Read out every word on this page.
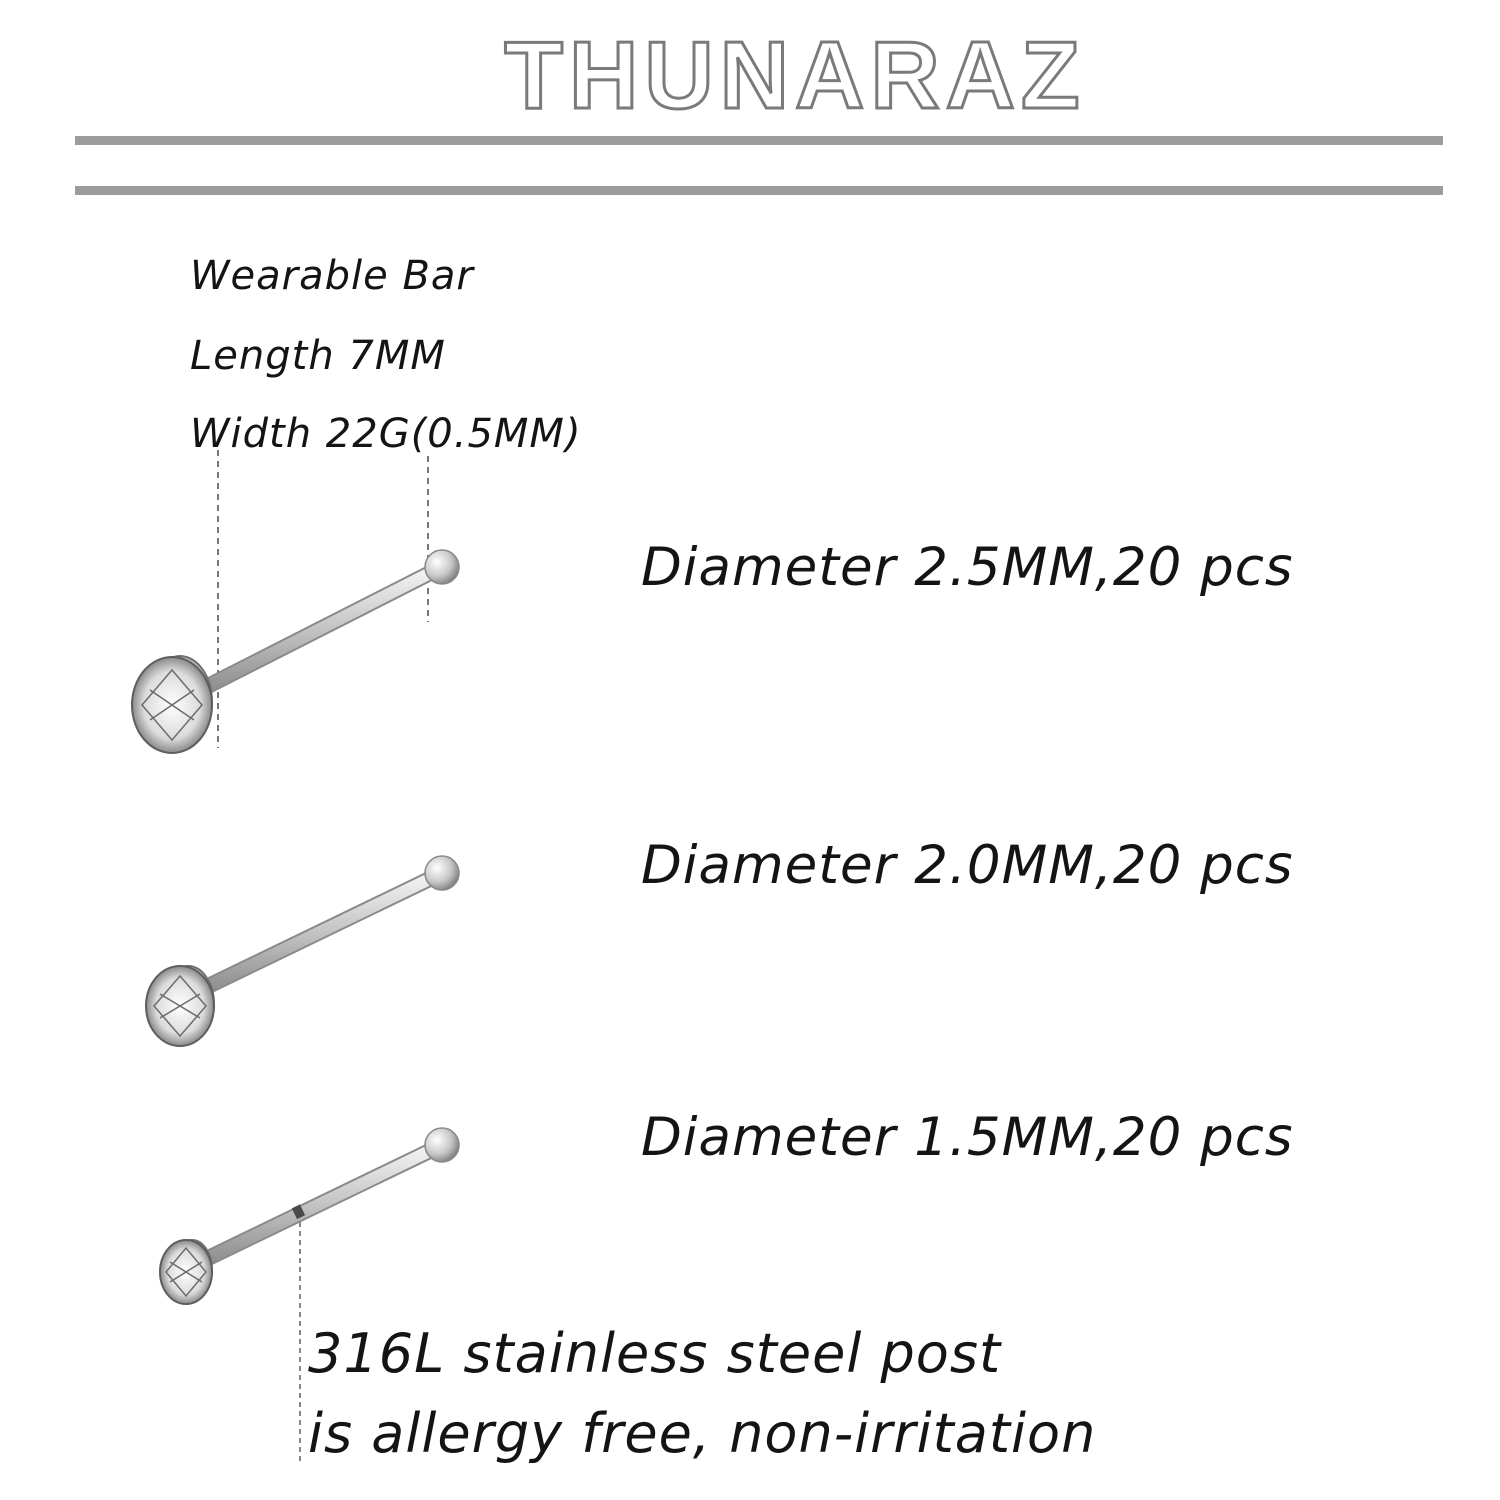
THUNARAZ

Wearable Bar

Length 7MM

Width 22G(0.5MM)

Diameter 2.5MM,20 pcs

Diameter 2.0MM,20 pcs

Diameter 1.5MM,20 pcs

316L stainless steel post

is allergy free, non-irritation
